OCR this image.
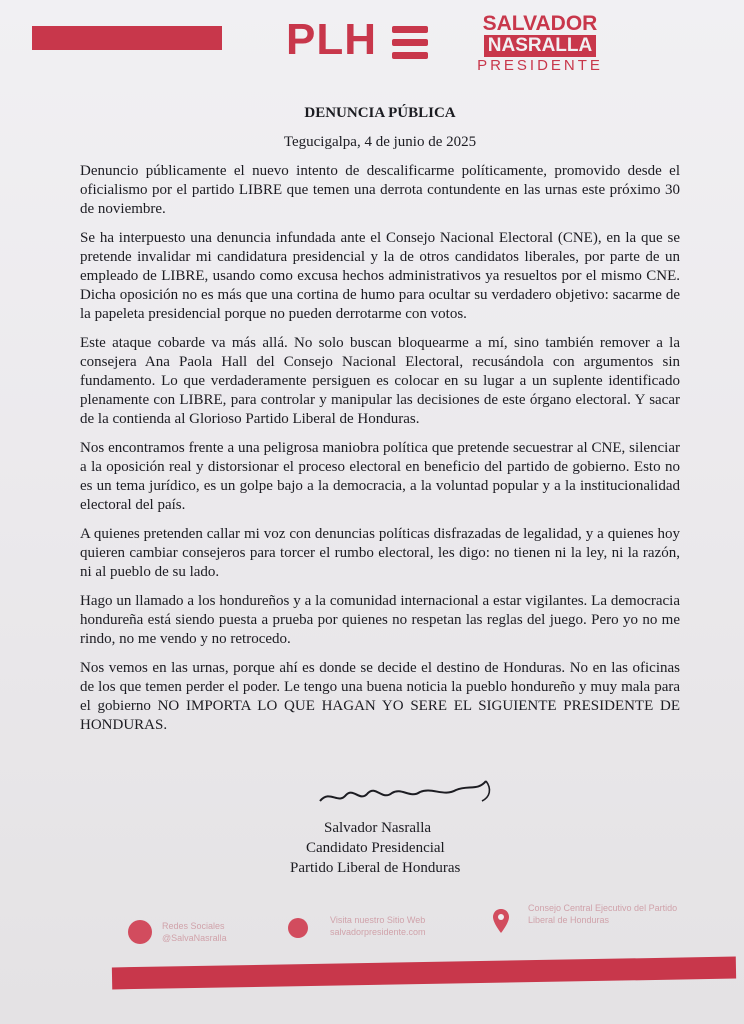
PLH	SALVADOR
NASRALLA
PRESIDENTE

DENUNCIA PÚBLICA

Tegucigalpa, 4 de junio de 2025

Denuncio públicamente el nuevo intento de descalificarme políticamente, promovido desde el oficialismo por el partido LIBRE que temen una derrota contundente en las urnas este próximo 30 de noviembre.

Se ha interpuesto una denuncia infundada ante el Consejo Nacional Electoral (CNE), en la que se pretende invalidar mi candidatura presidencial y la de otros candidatos liberales, por parte de un empleado de LIBRE, usando como excusa hechos administrativos ya resueltos por el mismo CNE. Dicha oposición no es más que una cortina de humo para ocultar su verdadero objetivo: sacarme de la papeleta presidencial porque no pueden derrotarme con votos.

Este ataque cobarde va más allá. No solo buscan bloquearme a mí, sino también remover a la consejera Ana Paola Hall del Consejo Nacional Electoral, recusándola con argumentos sin fundamento. Lo que verdaderamente persiguen es colocar en su lugar a un suplente identificado plenamente con LIBRE, para controlar y manipular las decisiones de este órgano electoral. Y sacar de la contienda al Glorioso Partido Liberal de Honduras.

Nos encontramos frente a una peligrosa maniobra política que pretende secuestrar al CNE, silenciar a la oposición real y distorsionar el proceso electoral en beneficio del partido de gobierno. Esto no es un tema jurídico, es un golpe bajo a la democracia, a la voluntad popular y a la institucionalidad electoral del país.

A quienes pretenden callar mi voz con denuncias políticas disfrazadas de legalidad, y a quienes hoy quieren cambiar consejeros para torcer el rumbo electoral, les digo: no tienen ni la ley, ni la razón, ni al pueblo de su lado.

Hago un llamado a los hondureños y a la comunidad internacional a estar vigilantes. La democracia hondureña está siendo puesta a prueba por quienes no respetan las reglas del juego. Pero yo no me rindo, no me vendo y no retrocedo.

Nos vemos en las urnas, porque ahí es donde se decide el destino de Honduras. No en las oficinas de los que temen perder el poder. Le tengo una buena noticia la pueblo hondureño y muy mala para el gobierno NO IMPORTA LO QUE HAGAN YO SERE EL SIGUIENTE PRESIDENTE DE HONDURAS.

Salvador Nasralla
Candidato Presidencial
Partido Liberal de Honduras
Redes Sociales @SalvaNasralla
Visita nuestro Sitio Web salvadorpresidente.com
Consejo Central Ejecutivo del Partido Liberal de Honduras
